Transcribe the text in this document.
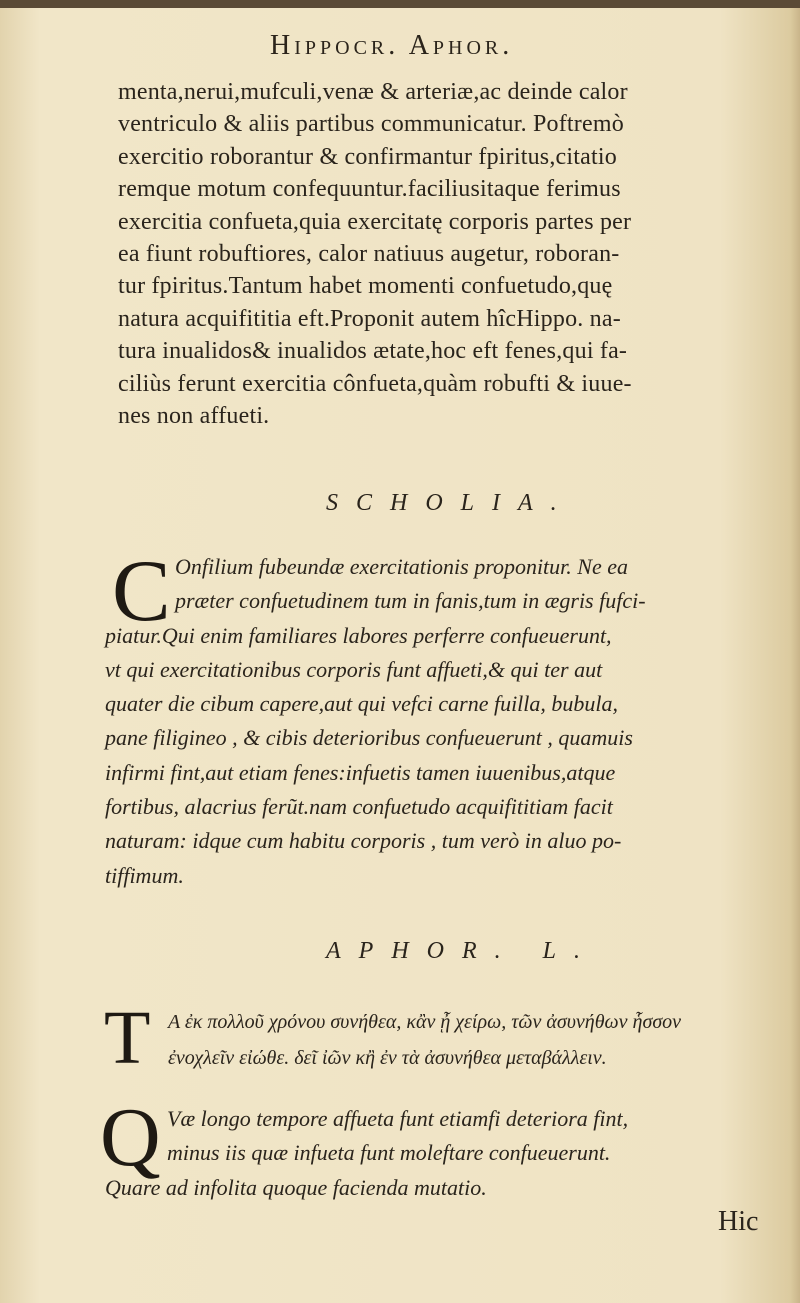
Hippocr. Aphor.
menta,nerui,mufculi,venæ & arteriæ,ac deinde calor
ventriculo & aliis partibus communicatur. Poftremò
exercitio roborantur & confirmantur fpiritus,citatio
remque motum confequuntur.faciliusitaque ferimus
exercitia confueta,quia exercitatę corporis partes per
ea fiunt robuftiores, calor natiuus augetur, roboran-
tur fpiritus.Tantum habet momenti confuetudo,quę
natura acquifititia eft.Proponit autem hîcHippo. na-
tura inualidos& inualidos ætate,hoc eft fenes,qui fa-
ciliùs ferunt exercitia cônfueta,quàm robufti & iuue-
nes non affueti.
SCHOLIA.
C Onfilium fubeundæ exercitationis proponitur. Ne ea
præter confuetudinem tum in fanis,tum in ægris fufci-
piatur.Qui enim familiares labores perferre confueuerunt,
vt qui exercitationibus corporis funt affueti,& qui ter aut
quater die cibum capere,aut qui vefci carne fuilla, bubula,
pane filigineo , & cibis deterioribus confueuerunt , quamuis
infirmi fint,aut etiam fenes:infuetis tamen iuuenibus,atque
fortibus, alacrius ferũt.nam confuetudo acquifititiam facit
naturam: idque cum habitu corporis , tum verò in aluo po-
tiffimum.
APHOR. L.
T A ἐκ πολλοῦ χρόνου συνήθεα, κἂν ᾖ χείρω, τῶν ἀσυνήθων ἧσσον
ἐνοχλεῖν εἰώθε. δεῖ ἰῶν κἢ ἐν τὰ ἀσυνήθεα μεταβάλλειν.
Q Væ longo tempore affueta funt etiamfi deteriora fint,
minus iis quæ infueta funt moleftare confueuerunt.
Quare ad infolita quoque facienda mutatio.
Hic
